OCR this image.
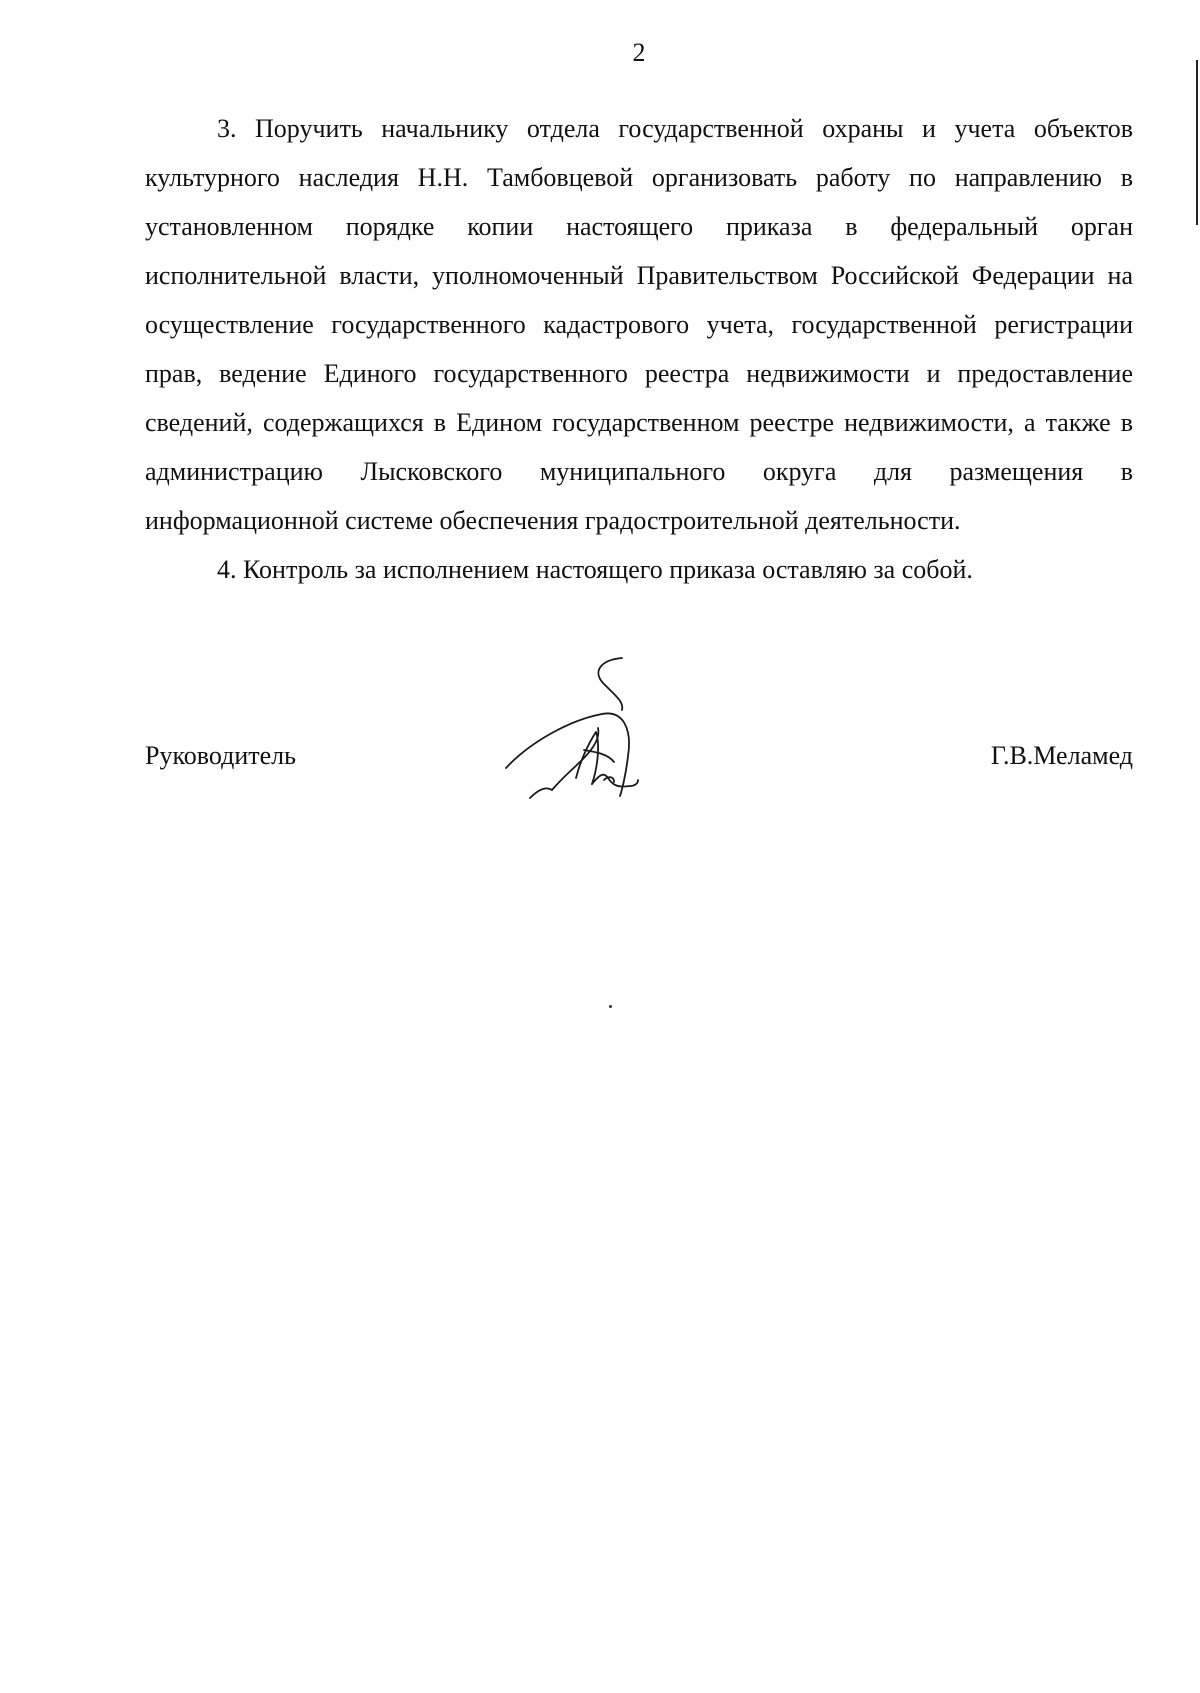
2

3. Поручить начальнику отдела государственной охраны и учета объектов культурного наследия Н.Н. Тамбовцевой организовать работу по направлению в установленном порядке копии настоящего приказа в федеральный орган исполнительной власти, уполномоченный Правительством Российской Федерации на осуществление государственного кадастрового учета, государственной регистрации прав, ведение Единого государственного реестра недвижимости и предоставление сведений, содержащихся в Едином государственном реестре недвижимости, а также в администрацию Лысковского муниципального округа для размещения в информационной системе обеспечения градостроительной деятельности.

4. Контроль за исполнением настоящего приказа оставляю за собой.

Руководитель	Г.В.Меламед
